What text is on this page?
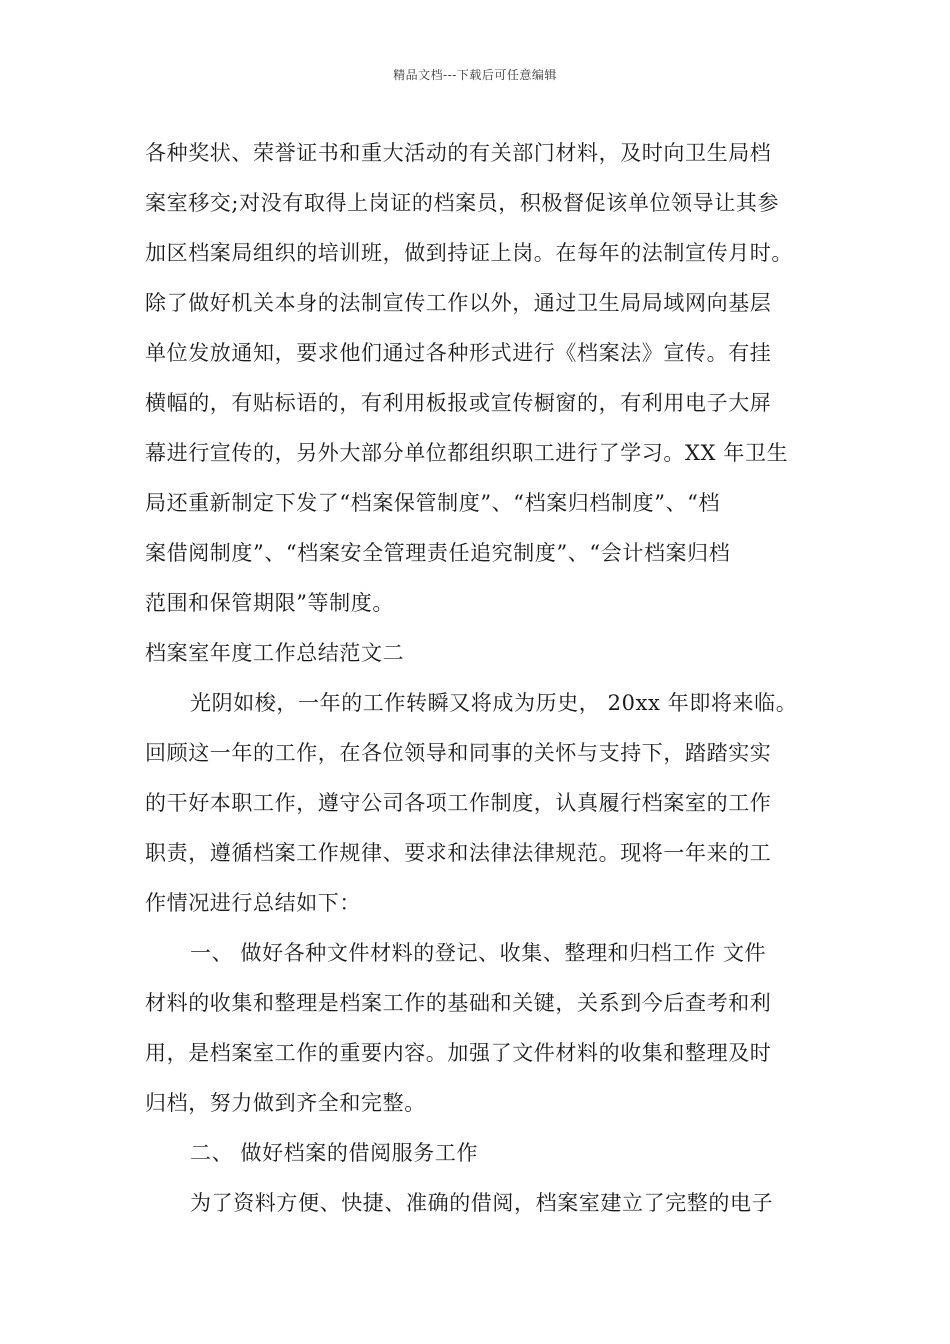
精品文档---下载后可任意编辑
各种奖状、荣誉证书和重大活动的有关部门材料，及时向卫生局档
案室移交;对没有取得上岗证的档案员，积极督促该单位领导让其参
加区档案局组织的培训班，做到持证上岗。在每年的法制宣传月时。
除了做好机关本身的法制宣传工作以外，通过卫生局局域网向基层
单位发放通知，要求他们通过各种形式进行《档案法》宣传。有挂
横幅的，有贴标语的，有利用板报或宣传橱窗的，有利用电子大屏
幕进行宣传的，另外大部分单位都组织职工进行了学习。XX 年卫生
局还重新制定下发了“档案保管制度”、“档案归档制度”、“档
案借阅制度”、“档案安全管理责任追究制度”、“会计档案归档
范围和保管期限”等制度。
档案室年度工作总结范文二
光阴如梭，一年的工作转瞬又将成为历史， 20xx 年即将来临。
回顾这一年的工作，在各位领导和同事的关怀与支持下，踏踏实实
的干好本职工作，遵守公司各项工作制度，认真履行档案室的工作
职责，遵循档案工作规律、要求和法律法律规范。现将一年来的工
作情况进行总结如下：
一、 做好各种文件材料的登记、收集、整理和归档工作 文件
材料的收集和整理是档案工作的基础和关键，关系到今后查考和利
用，是档案室工作的重要内容。加强了文件材料的收集和整理及时
归档，努力做到齐全和完整。
二、 做好档案的借阅服务工作
为了资料方便、快捷、准确的借阅，档案室建立了完整的电子
